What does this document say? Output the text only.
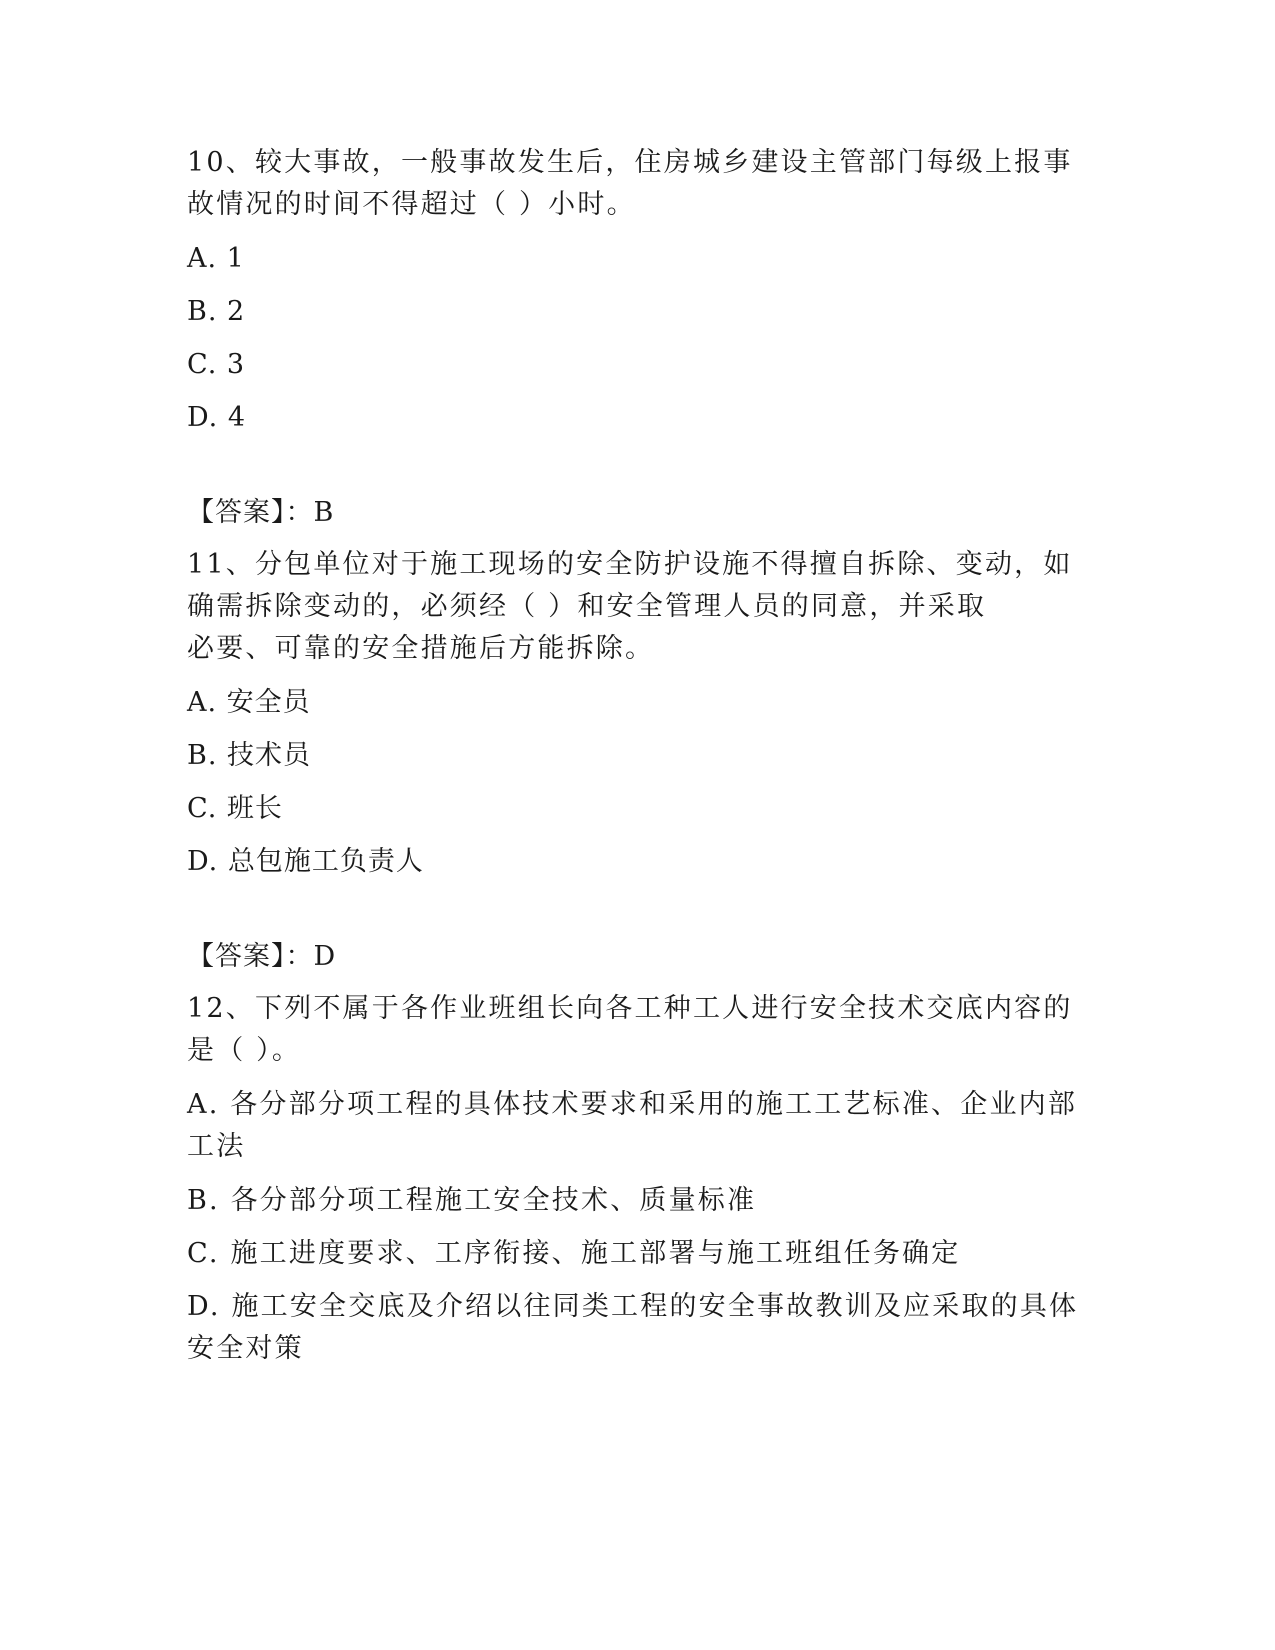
10、较大事故，一般事故发生后，住房城乡建设主管部门每级上报事
故情况的时间不得超过（ ）小时。
A. 1
B. 2
C. 3
D. 4
【答案】：B
11、分包单位对于施工现场的安全防护设施不得擅自拆除、变动，如
确需拆除变动的，必须经（ ）和安全管理人员的同意，并采取
必要、可靠的安全措施后方能拆除。
A. 安全员
B. 技术员
C. 班长
D. 总包施工负责人
【答案】：D
12、下列不属于各作业班组长向各工种工人进行安全技术交底内容的
是（ ）。
A. 各分部分项工程的具体技术要求和采用的施工工艺标准、企业内部
工法
B. 各分部分项工程施工安全技术、质量标准
C. 施工进度要求、工序衔接、施工部署与施工班组任务确定
D. 施工安全交底及介绍以往同类工程的安全事故教训及应采取的具体
安全对策
